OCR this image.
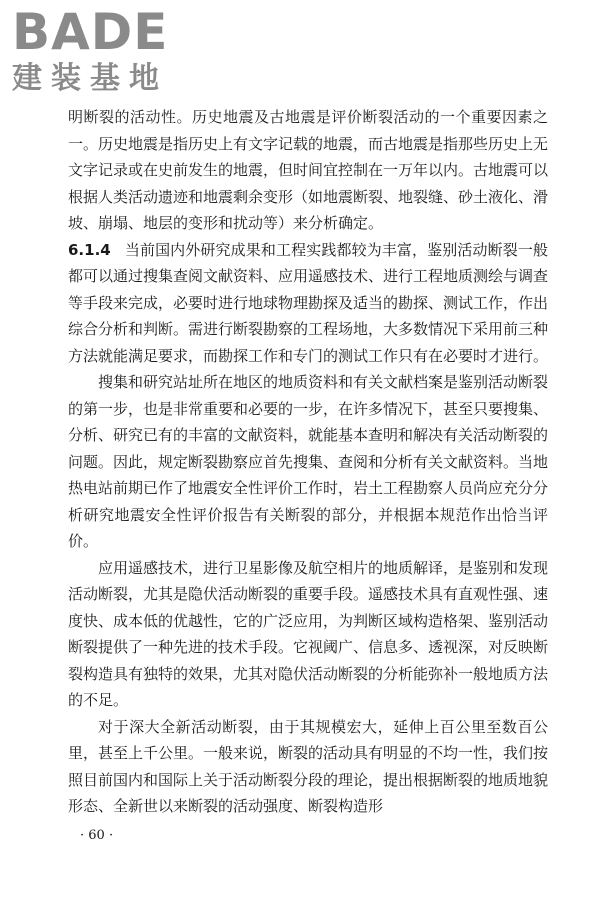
BADE
建装基地

明断裂的活动性。历史地震及古地震是评价断裂活动的一个重要因素之一。历史地震是指历史上有文字记载的地震，而古地震是指那些历史上无文字记录或在史前发生的地震，但时间宜控制在一万年以内。古地震可以根据人类活动遗迹和地震剩余变形（如地震断裂、地裂缝、砂土液化、滑坡、崩塌、地层的变形和扰动等）来分析确定。

6.1.4 当前国内外研究成果和工程实践都较为丰富，鉴别活动断裂一般都可以通过搜集查阅文献资料、应用遥感技术、进行工程地质测绘与调查等手段来完成，必要时进行地球物理勘探及适当的勘探、测试工作，作出综合分析和判断。需进行断裂勘察的工程场地，大多数情况下采用前三种方法就能满足要求，而勘探工作和专门的测试工作只有在必要时才进行。

搜集和研究站址所在地区的地质资料和有关文献档案是鉴别活动断裂的第一步，也是非常重要和必要的一步，在许多情况下，甚至只要搜集、分析、研究已有的丰富的文献资料，就能基本查明和解决有关活动断裂的问题。因此，规定断裂勘察应首先搜集、查阅和分析有关文献资料。当地热电站前期已作了地震安全性评价工作时，岩土工程勘察人员尚应充分分析研究地震安全性评价报告有关断裂的部分，并根据本规范作出恰当评价。

应用遥感技术，进行卫星影像及航空相片的地质解译，是鉴别和发现活动断裂，尤其是隐伏活动断裂的重要手段。遥感技术具有直观性强、速度快、成本低的优越性，它的广泛应用，为判断区域构造格架、鉴别活动断裂提供了一种先进的技术手段。它视阈广、信息多、透视深，对反映断裂构造具有独特的效果，尤其对隐伏活动断裂的分析能弥补一般地质方法的不足。

对于深大全新活动断裂，由于其规模宏大，延伸上百公里至数百公里，甚至上千公里。一般来说，断裂的活动具有明显的不均一性，我们按照目前国内和国际上关于活动断裂分段的理论，提出根据断裂的地质地貌形态、全新世以来断裂的活动强度、断裂构造形

· 60 ·
